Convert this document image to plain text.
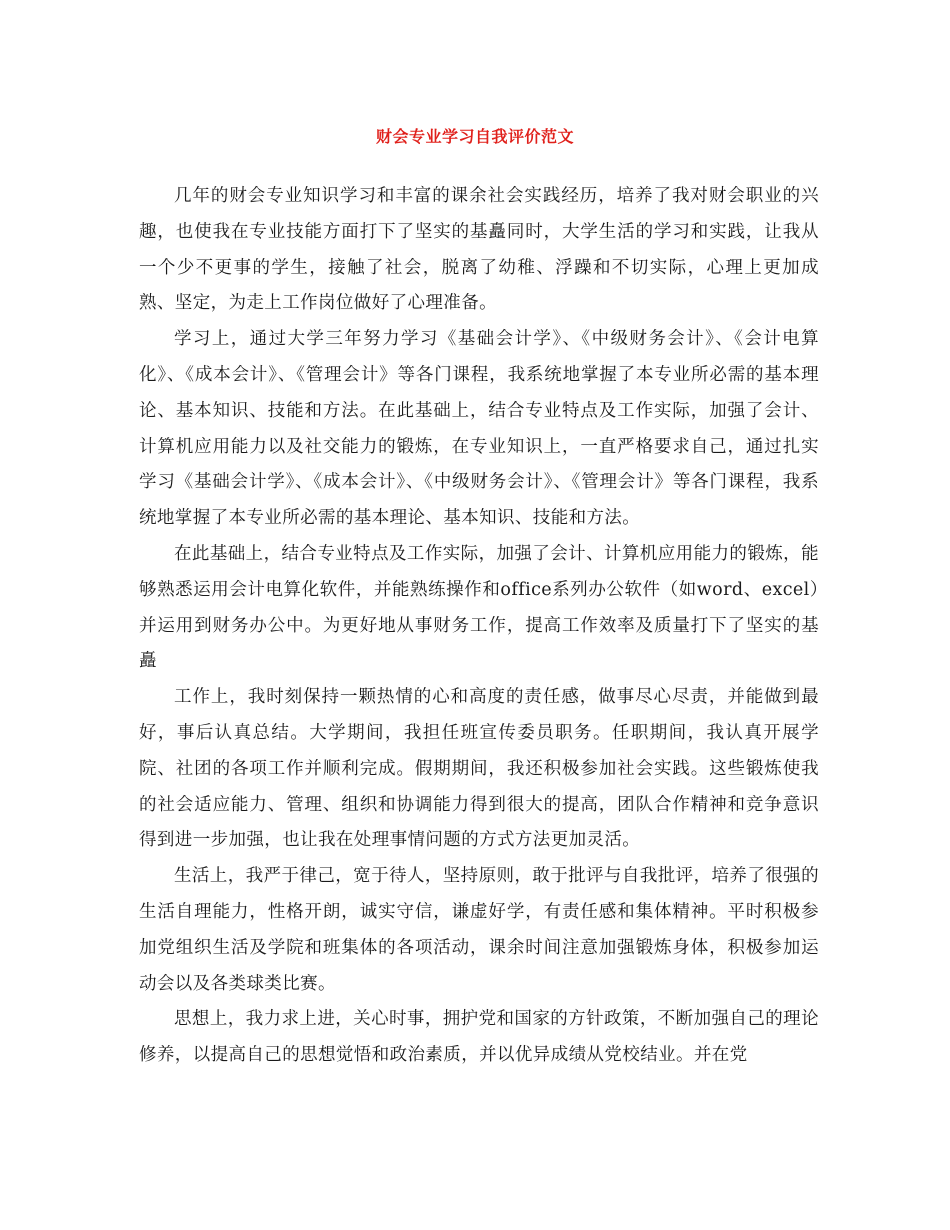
财会专业学习自我评价范文

几年的财会专业知识学习和丰富的课余社会实践经历，培养了我对财会职业的兴趣，也使我在专业技能方面打下了坚实的基矗同时，大学生活的学习和实践，让我从一个少不更事的学生，接触了社会，脱离了幼稚、浮躁和不切实际，心理上更加成熟、坚定，为走上工作岗位做好了心理准备。

学习上，通过大学三年努力学习《基础会计学》、《中级财务会计》、《会计电算化》、《成本会计》、《管理会计》等各门课程，我系统地掌握了本专业所必需的基本理论、基本知识、技能和方法。在此基础上，结合专业特点及工作实际，加强了会计、计算机应用能力以及社交能力的锻炼，在专业知识上，一直严格要求自己，通过扎实学习《基础会计学》、《成本会计》、《中级财务会计》、《管理会计》等各门课程，我系统地掌握了本专业所必需的基本理论、基本知识、技能和方法。

在此基础上，结合专业特点及工作实际，加强了会计、计算机应用能力的锻炼，能够熟悉运用会计电算化软件，并能熟练操作和office系列办公软件（如word、excel）并运用到财务办公中。为更好地从事财务工作，提高工作效率及质量打下了坚实的基矗

工作上，我时刻保持一颗热情的心和高度的责任感，做事尽心尽责，并能做到最好，事后认真总结。大学期间，我担任班宣传委员职务。任职期间，我认真开展学院、社团的各项工作并顺利完成。假期期间，我还积极参加社会实践。这些锻炼使我的社会适应能力、管理、组织和协调能力得到很大的提高，团队合作精神和竞争意识得到进一步加强，也让我在处理事情问题的方式方法更加灵活。

生活上，我严于律己，宽于待人，坚持原则，敢于批评与自我批评，培养了很强的生活自理能力，性格开朗，诚实守信，谦虚好学，有责任感和集体精神。平时积极参加党组织生活及学院和班集体的各项活动，课余时间注意加强锻炼身体，积极参加运动会以及各类球类比赛。

思想上，我力求上进，关心时事，拥护党和国家的方针政策，不断加强自己的理论修养，以提高自己的思想觉悟和政治素质，并以优异成绩从党校结业。并在党
